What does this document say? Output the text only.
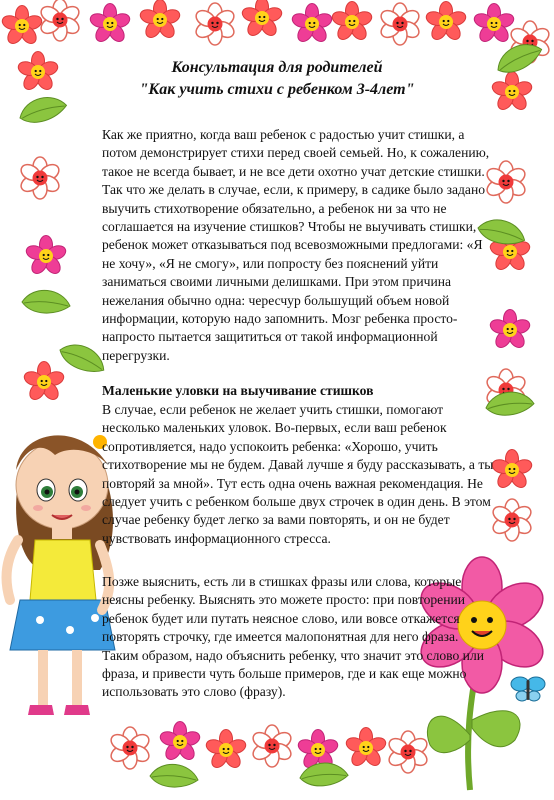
Консультация для родителей
"Как учить стихи с ребенком 3-4лет"

Как же приятно, когда ваш ребенок с радостью учит стишки, а потом демонстрирует стихи перед своей семьей. Но, к сожалению, такое не всегда бывает, и не все дети охотно учат детские стишки. Так что же делать в случае, если, к примеру, в садике было задано выучить стихотворение обязательно, а ребенок ни за что не соглашается на изучение стишков? Чтобы не выучивать стишки, ребенок может отказываться под всевозможными предлогами: «Я не хочу», «Я не смогу», или попросту без пояснений уйти заниматься своими личными делишками. При этом причина нежелания обычно одна: чересчур большущий объем новой информации, которую надо запомнить. Мозг ребенка просто-напросто пытается защититься от такой информационной перегрузки.

Маленькие уловки на выучивание стишков

В случае, если ребенок не желает учить стишки, помогают несколько маленьких уловок. Во-первых, если ваш ребенок сопротивляется, надо успокоить ребенка: «Хорошо, учить стихотворение мы не будем. Давай лучше я буду рассказывать, а ты повторяй за мной». Тут есть одна очень важная рекомендация. Не следует учить с ребенком больше двух строчек в один день. В этом случае ребенку будет легко за вами повторять, и он не будет чувствовать информационного стресса.

Позже выяснить, есть ли в стишках фразы или слова, которые неясны ребенку. Выяснять это можете просто: при повторении ребенок будет или путать неясное слово, или вовсе откажется повторять строчку, где имеется малопонятная для него фраза. Таким образом, надо объяснить ребенку, что значит это слово или фраза, и привести чуть больше примеров, где и как еще можно использовать это слово (фразу).
